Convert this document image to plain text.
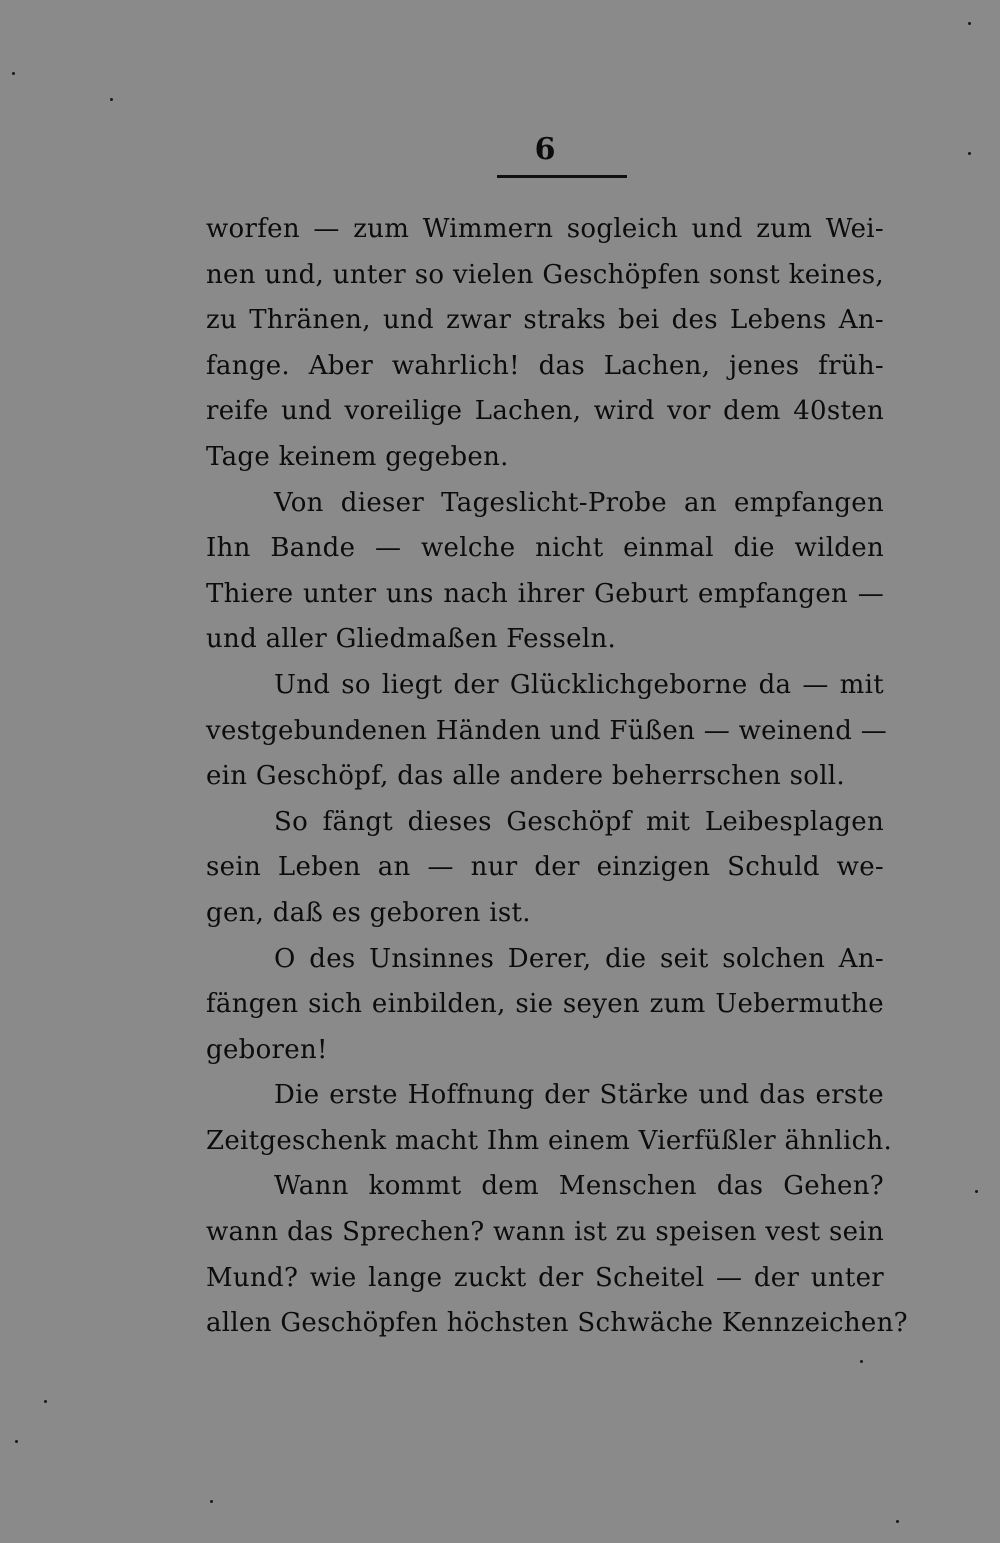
6
worfen — zum Wimmern sogleich und zum Wei-
nen und, unter so vielen Geschöpfen sonst keines,
zu Thränen, und zwar straks bei des Lebens An-
fange. Aber wahrlich! das Lachen, jenes früh-
reife und voreilige Lachen, wird vor dem 40sten
Tage keinem gegeben.
Von dieser Tageslicht-Probe an empfangen
Ihn Bande — welche nicht einmal die wilden
Thiere unter uns nach ihrer Geburt empfangen —
und aller Gliedmaßen Fesseln.
Und so liegt der Glücklichgeborne da — mit
vestgebundenen Händen und Füßen — weinend —
ein Geschöpf, das alle andere beherrschen soll.
So fängt dieses Geschöpf mit Leibesplagen
sein Leben an — nur der einzigen Schuld we-
gen, daß es geboren ist.
O des Unsinnes Derer, die seit solchen An-
fängen sich einbilden, sie seyen zum Uebermuthe
geboren!
Die erste Hoffnung der Stärke und das erste
Zeitgeschenk macht Ihm einem Vierfüßler ähnlich.
Wann kommt dem Menschen das Gehen?
wann das Sprechen? wann ist zu speisen vest sein
Mund? wie lange zuckt der Scheitel — der unter
allen Geschöpfen höchsten Schwäche Kennzeichen?
